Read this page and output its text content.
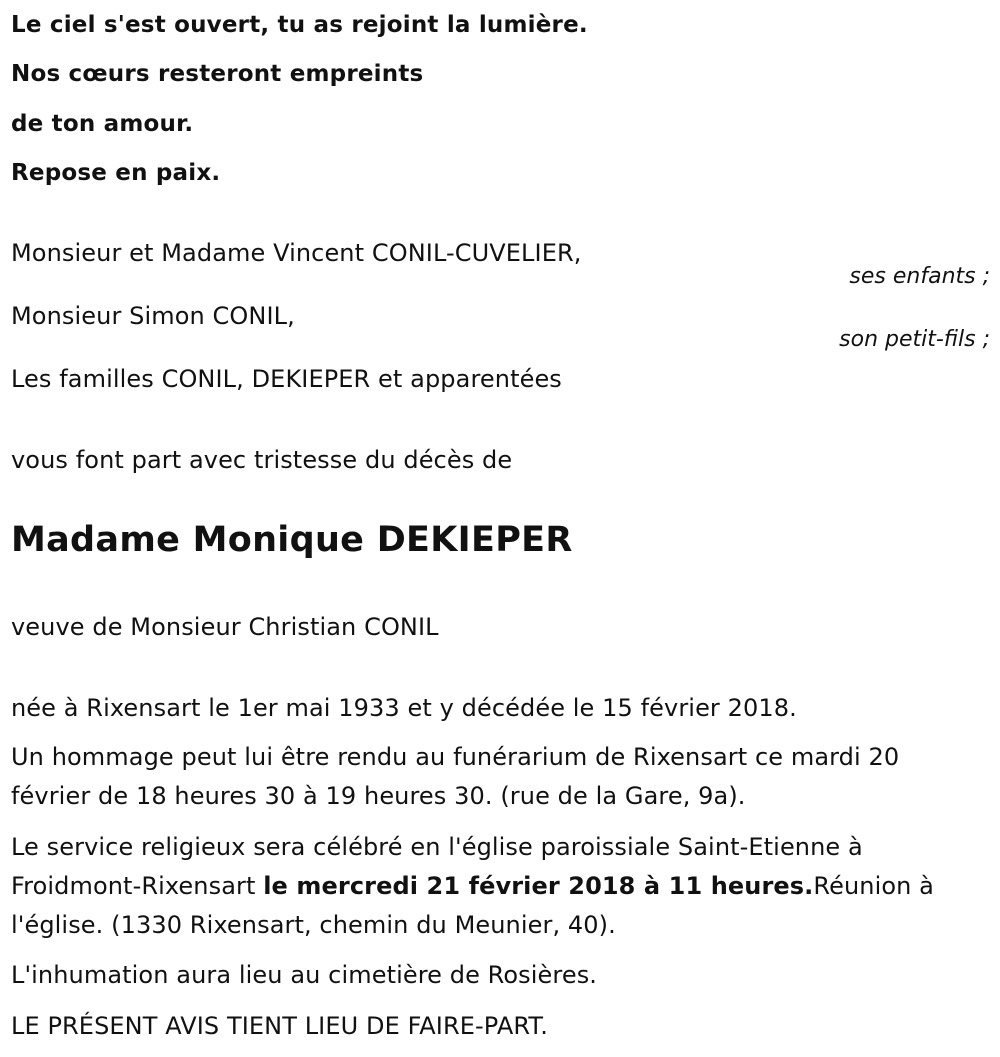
Le ciel s'est ouvert, tu as rejoint la lumière.
Nos cœurs resteront empreints
de ton amour.
Repose en paix.
Monsieur et Madame Vincent CONIL-CUVELIER,
ses enfants ;
Monsieur Simon CONIL,
son petit-fils ;
Les familles CONIL, DEKIEPER et apparentées
vous font part avec tristesse du décès de
Madame Monique DEKIEPER
veuve de Monsieur Christian CONIL
née à Rixensart le 1er mai 1933 et y décédée le 15 février 2018.
Un hommage peut lui être rendu au funérarium de Rixensart ce mardi 20 février de 18 heures 30 à 19 heures 30. (rue de la Gare, 9a).
Le service religieux sera célébré en l'église paroissiale Saint-Etienne à Froidmont-Rixensart le mercredi 21 février 2018 à 11 heures.Réunion à l'église. (1330 Rixensart, chemin du Meunier, 40).
L'inhumation aura lieu au cimetière de Rosières.
LE PRÉSENT AVIS TIENT LIEU DE FAIRE-PART.
